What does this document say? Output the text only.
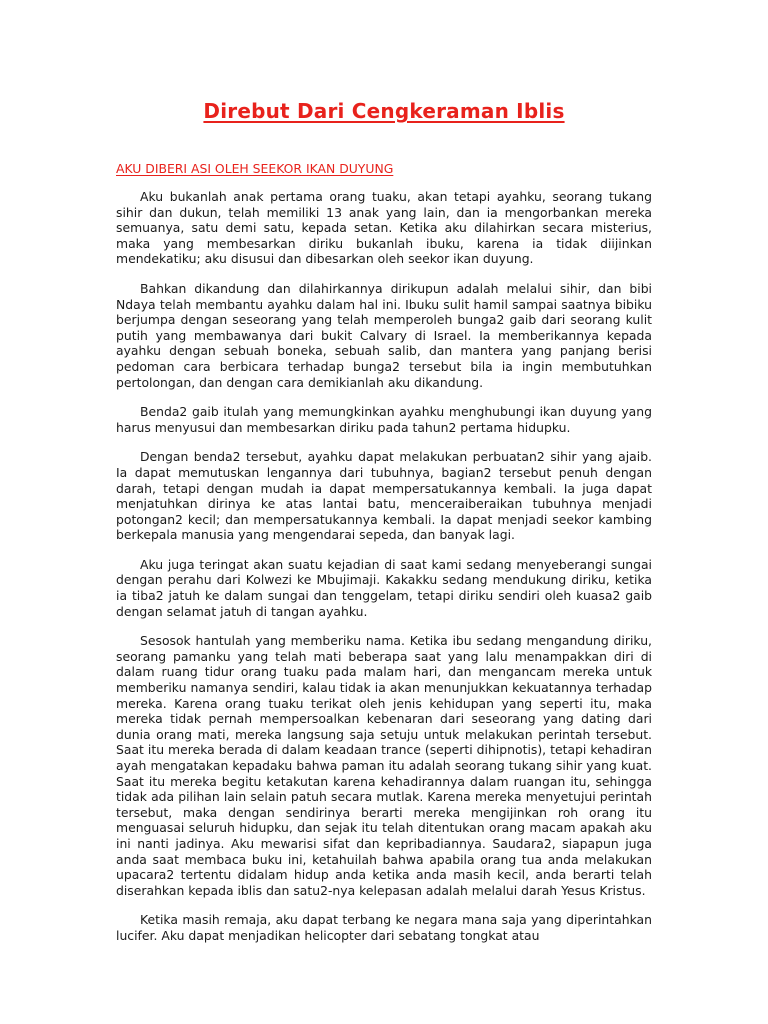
Direbut Dari Cengkeraman Iblis
AKU DIBERI ASI OLEH SEEKOR IKAN DUYUNG

Aku bukanlah anak pertama orang tuaku, akan tetapi ayahku, seorang tukang sihir dan dukun, telah memiliki 13 anak yang lain, dan ia mengorbankan mereka semuanya, satu demi satu, kepada setan. Ketika aku dilahirkan secara misterius, maka yang membesarkan diriku bukanlah ibuku, karena ia tidak diijinkan mendekatiku; aku disusui dan dibesarkan oleh seekor ikan duyung.

Bahkan dikandung dan dilahirkannya dirikupun adalah melalui sihir, dan bibi Ndaya telah membantu ayahku dalam hal ini. Ibuku sulit hamil sampai saatnya bibiku berjumpa dengan seseorang yang telah memperoleh bunga2 gaib dari seorang kulit putih yang membawanya dari bukit Calvary di Israel. Ia memberikannya kepada ayahku dengan sebuah boneka, sebuah salib, dan mantera yang panjang berisi pedoman cara berbicara terhadap bunga2 tersebut bila ia ingin membutuhkan pertolongan, dan dengan cara demikianlah aku dikandung.

Benda2 gaib itulah yang memungkinkan ayahku menghubungi ikan duyung yang harus menyusui dan membesarkan diriku pada tahun2 pertama hidupku.

Dengan benda2 tersebut, ayahku dapat melakukan perbuatan2 sihir yang ajaib. Ia dapat memutuskan lengannya dari tubuhnya, bagian2 tersebut penuh dengan darah, tetapi dengan mudah ia dapat mempersatukannya kembali. Ia juga dapat menjatuhkan dirinya ke atas lantai batu, menceraiberaikan tubuhnya menjadi potongan2 kecil; dan mempersatukannya kembali. Ia dapat menjadi seekor kambing berkepala manusia yang mengendarai sepeda, dan banyak lagi.

Aku juga teringat akan suatu kejadian di saat kami sedang menyeberangi sungai dengan perahu dari Kolwezi ke Mbujimaji. Kakakku sedang mendukung diriku, ketika ia tiba2 jatuh ke dalam sungai dan tenggelam, tetapi diriku sendiri oleh kuasa2 gaib dengan selamat jatuh di tangan ayahku.

Sesosok hantulah yang memberiku nama. Ketika ibu sedang mengandung diriku, seorang pamanku yang telah mati beberapa saat yang lalu menampakkan diri di dalam ruang tidur orang tuaku pada malam hari, dan mengancam mereka untuk memberiku namanya sendiri, kalau tidak ia akan menunjukkan kekuatannya terhadap mereka. Karena orang tuaku terikat oleh jenis kehidupan yang seperti itu, maka mereka tidak pernah mempersoalkan kebenaran dari seseorang yang dating dari dunia orang mati, mereka langsung saja setuju untuk melakukan perintah tersebut. Saat itu mereka berada di dalam keadaan trance (seperti dihipnotis), tetapi kehadiran ayah mengatakan kepadaku bahwa paman itu adalah seorang tukang sihir yang kuat. Saat itu mereka begitu ketakutan karena kehadirannya dalam ruangan itu, sehingga tidak ada pilihan lain selain patuh secara mutlak. Karena mereka menyetujui perintah tersebut, maka dengan sendirinya berarti mereka mengijinkan roh orang itu menguasai seluruh hidupku, dan sejak itu telah ditentukan orang macam apakah aku ini nanti jadinya. Aku mewarisi sifat dan kepribadiannya. Saudara2, siapapun juga anda saat membaca buku ini, ketahuilah bahwa apabila orang tua anda melakukan upacara2 tertentu didalam hidup anda ketika anda masih kecil, anda berarti telah diserahkan kepada iblis dan satu2-nya kelepasan adalah melalui darah Yesus Kristus.

Ketika masih remaja, aku dapat terbang ke negara mana saja yang diperintahkan lucifer. Aku dapat menjadikan helicopter dari sebatang tongkat atau
